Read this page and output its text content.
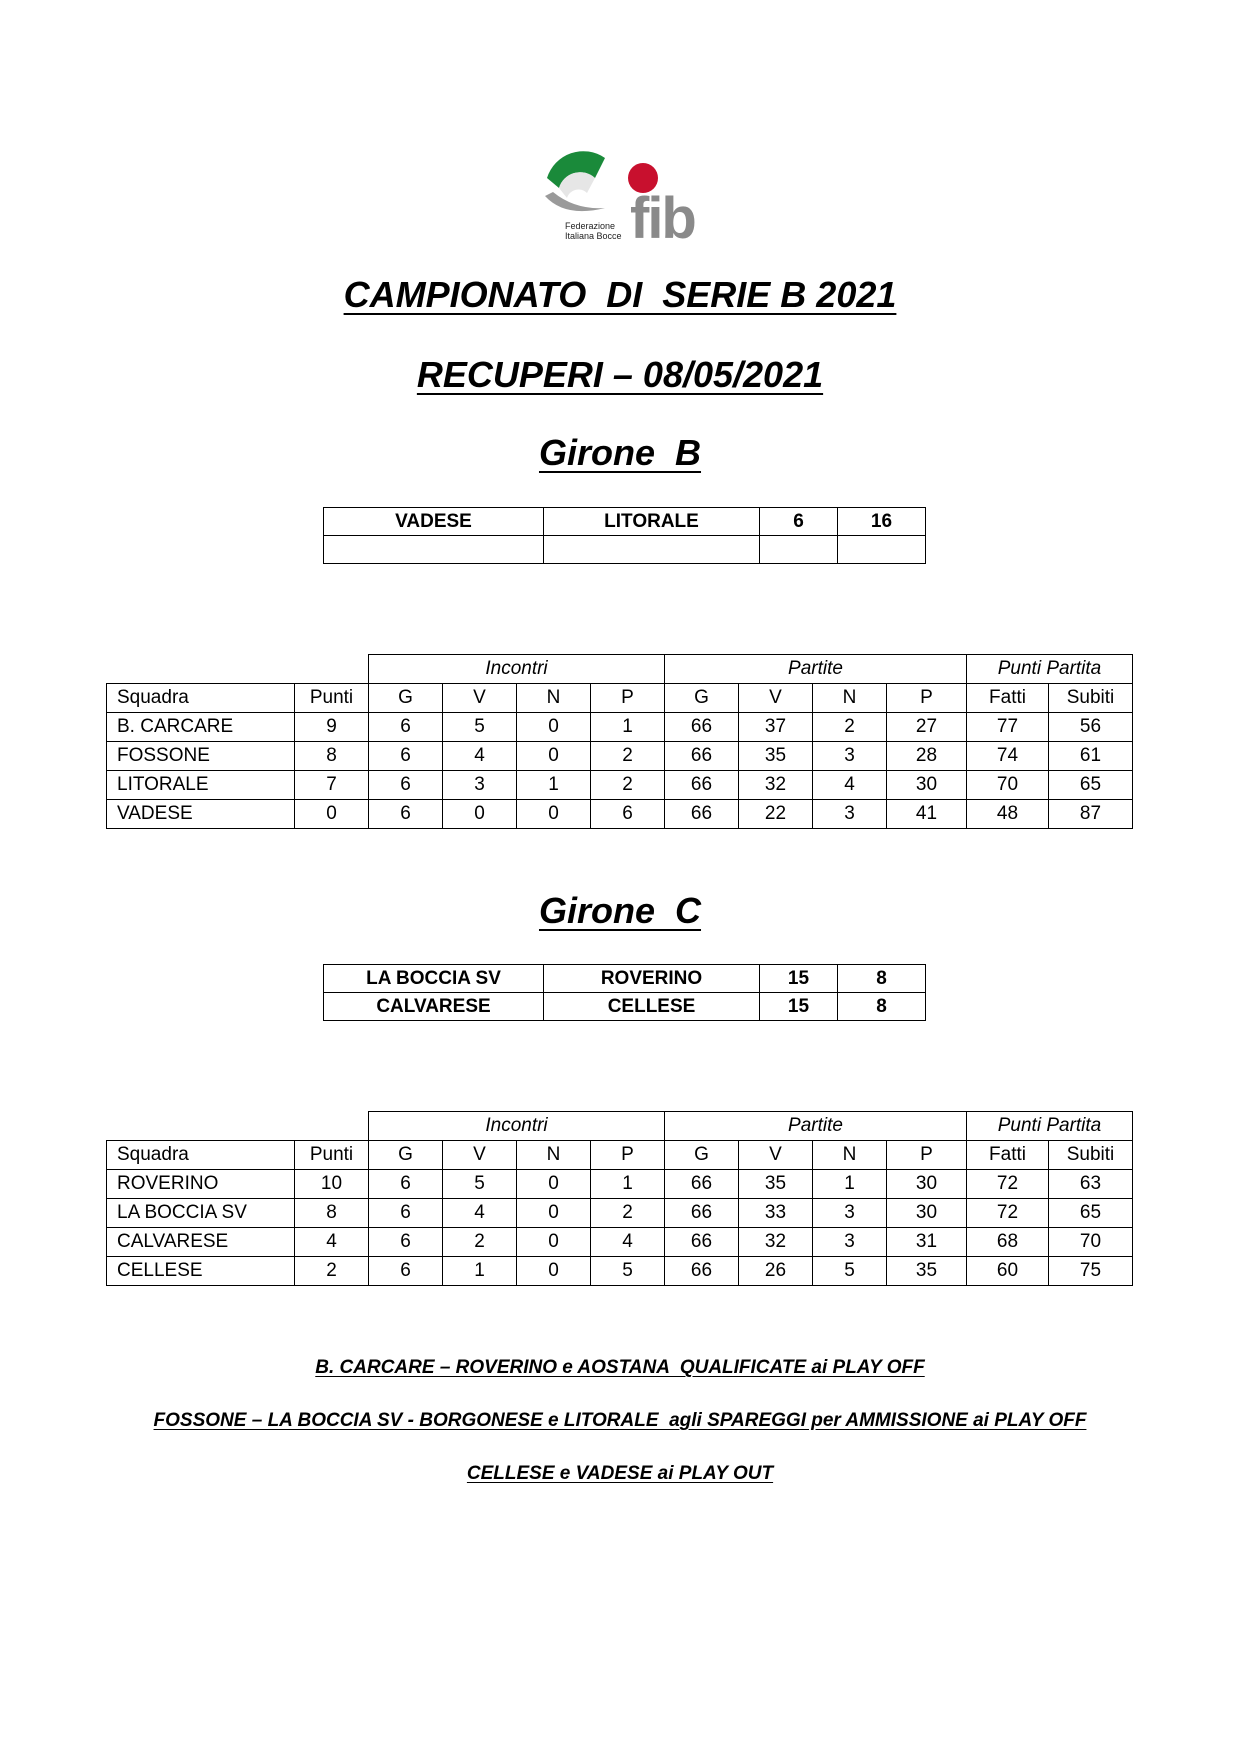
fib
Federazione
Italiana Bocce
CAMPIONATO  DI  SERIE B 2021
RECUPERI – 08/05/2021
Girone  B
VADESE	LITORALE	6	16

		Incontri				Partite				Punti Partita	
Squadra	Punti	G	V	N	P	G	V	N	P	Fatti	Subiti
B. CARCARE	9	6	5	0	1	66	37	2	27	77	56
FOSSONE	8	6	4	0	2	66	35	3	28	74	61
LITORALE	7	6	3	1	2	66	32	4	30	70	65
VADESE	0	6	0	0	6	66	22	3	41	48	87
Girone  C
LA BOCCIA SV	ROVERINO	15	8
CALVARESE	CELLESE	15	8
		Incontri				Partite				Punti Partita	
Squadra	Punti	G	V	N	P	G	V	N	P	Fatti	Subiti
ROVERINO	10	6	5	0	1	66	35	1	30	72	63
LA BOCCIA SV	8	6	4	0	2	66	33	3	30	72	65
CALVARESE	4	6	2	0	4	66	32	3	31	68	70
CELLESE	2	6	1	0	5	66	26	5	35	60	75
B. CARCARE – ROVERINO e AOSTANA  QUALIFICATE ai PLAY OFF
FOSSONE – LA BOCCIA SV - BORGONESE e LITORALE  agli SPAREGGI per AMMISSIONE ai PLAY OFF
CELLESE e VADESE ai PLAY OUT
